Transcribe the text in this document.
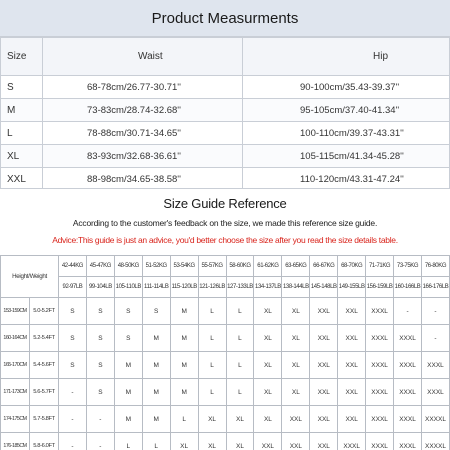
Product Measurments
Size	Waist	Hip
S	68-78cm/26.77-30.71''	90-100cm/35.43-39.37''
M	73-83cm/28.74-32.68''	95-105cm/37.40-41.34''
L	78-88cm/30.71-34.65''	100-110cm/39.37-43.31''
XL	83-93cm/32.68-36.61''	105-115cm/41.34-45.28''
XXL	88-98cm/34.65-38.58''	110-120cm/43.31-47.24''
Size Guide Reference
According to the customer's feedback on the size, we made this reference size guide.
Advice:This guide is just an advice, you'd better choose the size after you read the size details table.
Height/Weight		42-44KG	45-47KG	48-50KG	51-52KG	53-54KG	55-57KG	58-60KG	61-62KG	63-65KG	66-67KG	68-70KG	71-71KG	73-75KG	76-80KG
		92-97LB	99-104LB	105-110LB	111-114LB	115-120LB	121-126LB	127-133LB	134-137LB	138-144LB	145-148LB	149-155LB	156-159LB	160-166LB	166-176LB
153-159CM	5.0-5.2FT	S	S	S	S	M	L	L	XL	XL	XXL	XXL	XXXL	-	-
160-164CM	5.2-5.4FT	S	S	S	M	M	L	L	XL	XL	XXL	XXL	XXXL	XXXL	-
165-170CM	5.4-5.6FT	S	S	M	M	M	L	L	XL	XL	XXL	XXL	XXXL	XXXL	XXXL
171-173CM	5.6-5.7FT	-	S	M	M	M	L	L	XL	XL	XXL	XXL	XXXL	XXXL	XXXL
174-175CM	5.7-5.8FT	-	-	M	M	L	XL	XL	XL	XXL	XXL	XXL	XXXL	XXXL	XXXXL
176-185CM	5.8-6.0FT	-	-	L	L	XL	XL	XL	XXL	XXL	XXL	XXXL	XXXL	XXXL	XXXXL
